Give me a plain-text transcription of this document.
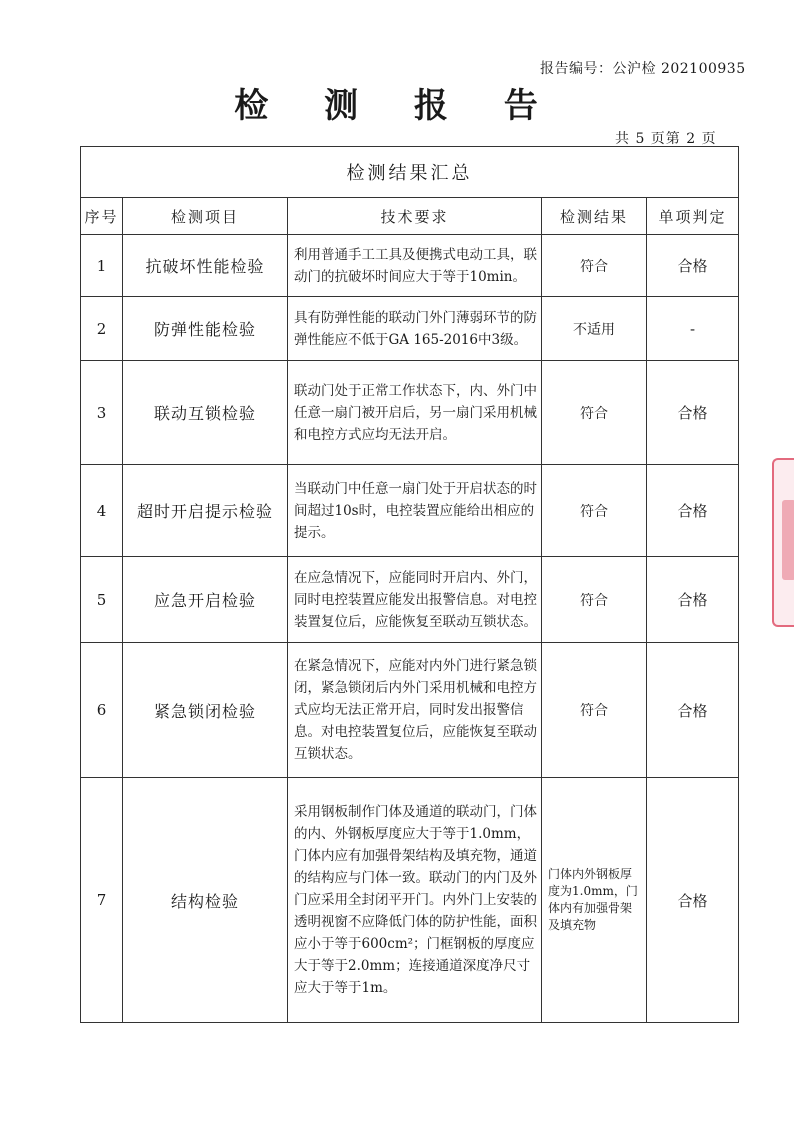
报告编号：公沪检 202100935
检 测 报 告
共 5 页第 2 页
检测结果汇总				
序号	检测项目	技术要求	检测结果	单项判定
1	抗破坏性能检验	利用普通手工工具及便携式电动工具，联动门的抗破坏时间应大于等于10min。	符合	合格
2	防弹性能检验	具有防弹性能的联动门外门薄弱环节的防弹性能应不低于GA 165-2016中3级。	不适用	-
3	联动互锁检验	联动门处于正常工作状态下，内、外门中任意一扇门被开启后，另一扇门采用机械和电控方式应均无法开启。	符合	合格
4	超时开启提示检验	当联动门中任意一扇门处于开启状态的时间超过10s时，电控装置应能给出相应的提示。	符合	合格
5	应急开启检验	在应急情况下，应能同时开启内、外门，同时电控装置应能发出报警信息。对电控装置复位后，应能恢复至联动互锁状态。	符合	合格
6	紧急锁闭检验	在紧急情况下，应能对内外门进行紧急锁闭，紧急锁闭后内外门采用机械和电控方式应均无法正常开启，同时发出报警信息。对电控装置复位后，应能恢复至联动互锁状态。	符合	合格
7	结构检验	采用钢板制作门体及通道的联动门，门体的内、外钢板厚度应大于等于1.0mm，门体内应有加强骨架结构及填充物，通道的结构应与门体一致。联动门的内门及外门应采用全封闭平开门。内外门上安装的透明视窗不应降低门体的防护性能，面积应小于等于600cm²；门框钢板的厚度应大于等于2.0mm；连接通道深度净尺寸应大于等于1m。	门体内外钢板厚度为1.0mm，门体内有加强骨架及填充物	合格
